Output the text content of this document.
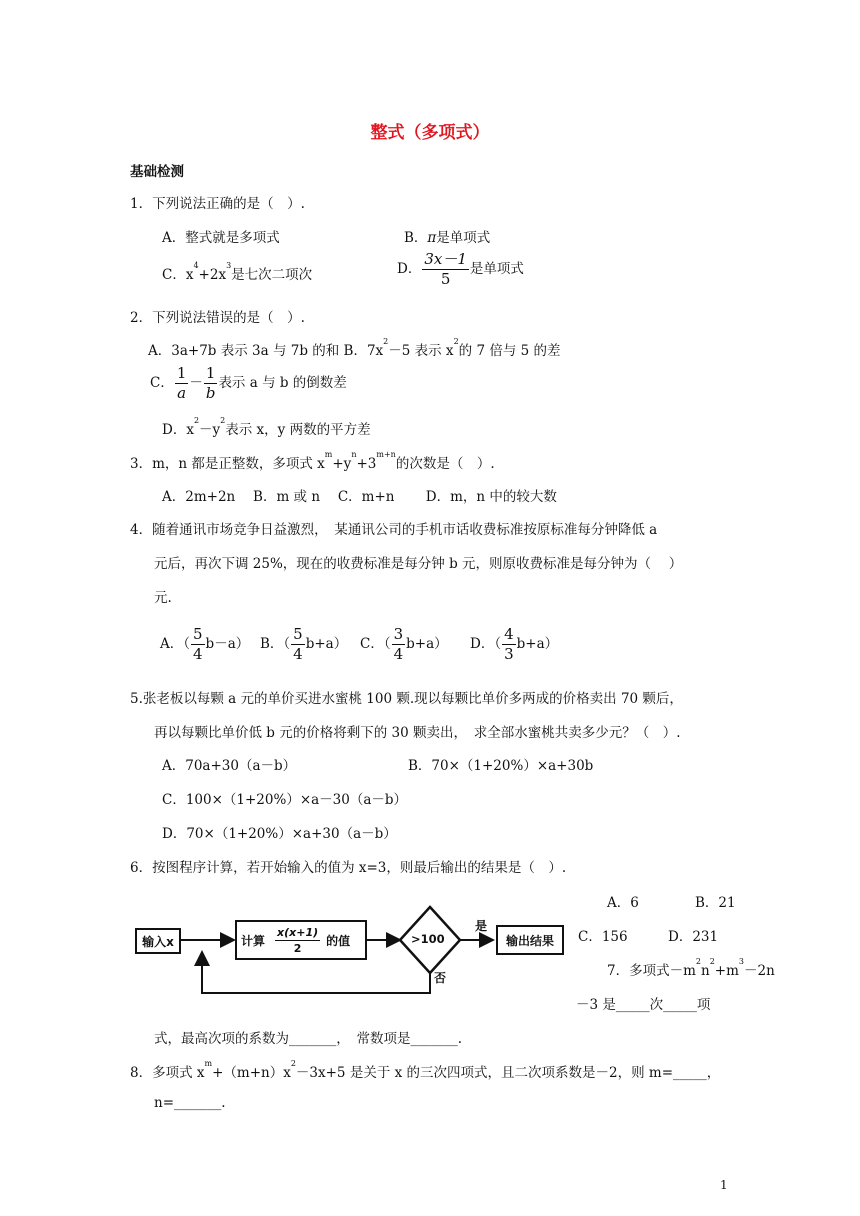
整式（多项式）
基础检测
1．下列说法正确的是（　）.
A．整式就是多项式	B．π是单项式
C．$x^4+2x^3$是七次二项次	D． $\frac{3x-1}{5}$ 是单项式
2．下列说法错误的是（　）.
A．3a+7b 表示 3a 与 7b 的和 B．$7x^2-5$ 表示 $x^2$的 7 倍与 5 的差
C． $\frac{1}{a} - \frac{1}{b}$ 表示 a 与 b 的倒数差
D．$x^2-y^2$表示 x，y 两数的平方差
3．m，n 都是正整数，多项式 $x^m+y^n+3^{m+n}$的次数是（　）.
A．2m+2n　 B．m 或 n　 C．m+n　　 D．m，n 中的较大数
4．随着通讯市场竞争日益激烈，　某通讯公司的手机市话收费标准按原标准每分钟降低 a
元后，再次下调 25%，现在的收费标准是每分钟 b 元，则原收费标准是每分钟为（　 ）
元.
A．（ $\frac{5}{4} b-a$） B．（ $\frac{5}{4} b+a$） C．（ $\frac{3}{4} b+a$） D．（ $\frac{4}{3} b+a$）
5.张老板以每颗 a 元的单价买进水蜜桃 100 颗.现以每颗比单价多两成的价格卖出 70 颗后，
再以每颗比单价低 b 元的价格将剩下的 30 颗卖出，　求全部水蜜桃共卖多少元？（　）.
A．70a+30（a－b）	B．70×（1+20%）×a+30b
C．100×（1+20%）×a－30（a－b）
D．70×（1+20%）×a+30（a－b）
6．按图程序计算，若开始输入的值为 x=3，则最后输出的结果是（　）.
A．6	B．21
C．156	D．231
输入x	计算 $\frac{x(x+1)}{2}$ 的值	>100
是
否
输出结果
7．多项式$-m^2n^2+m^3-2n$
－3 是_____次_____项
式，最高次项的系数为_______，　常数项是_______.
8．多项式 $x^m+(m+n)x^2-3x+5$ 是关于 x 的三次四项式，且二次项系数是－2，则 m=_____，
n=_______.
1
